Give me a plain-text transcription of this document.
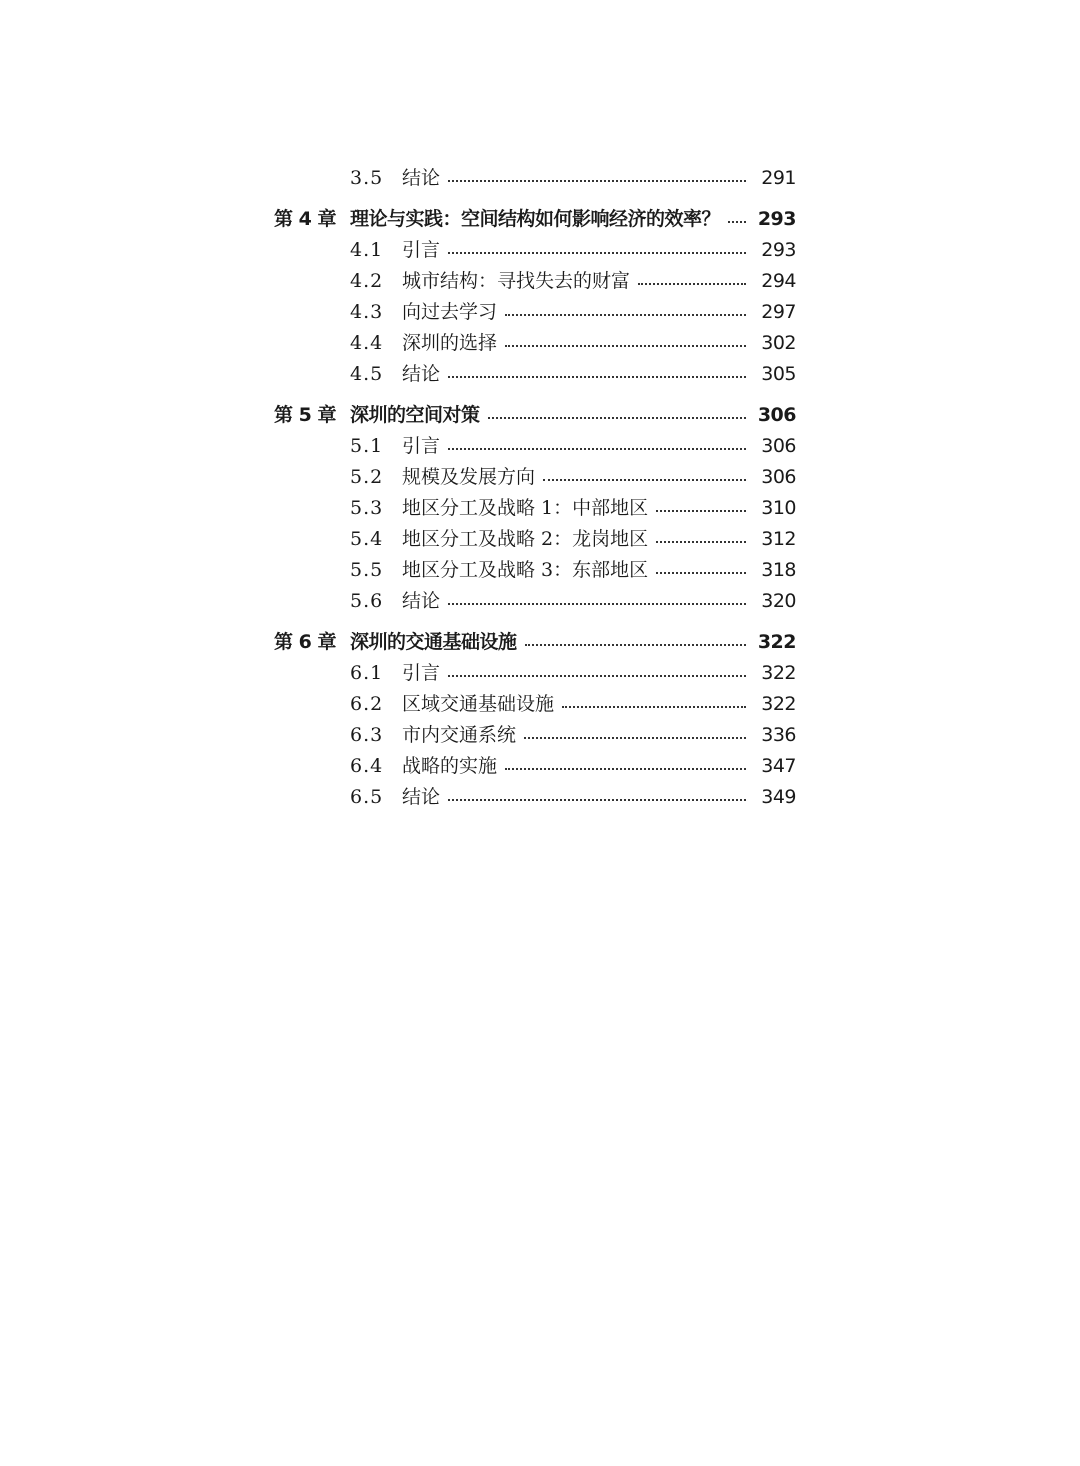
3.5 结论	291
第 4 章 理论与实践：空间结构如何影响经济的效率？	293
4.1 引言	293
4.2 城市结构：寻找失去的财富	294
4.3 向过去学习	297
4.4 深圳的选择	302
4.5 结论	305
第 5 章 深圳的空间对策	306
5.1 引言	306
5.2 规模及发展方向	306
5.3 地区分工及战略 1：中部地区	310
5.4 地区分工及战略 2：龙岗地区	312
5.5 地区分工及战略 3：东部地区	318
5.6 结论	320
第 6 章 深圳的交通基础设施	322
6.1 引言	322
6.2 区域交通基础设施	322
6.3 市内交通系统	336
6.4 战略的实施	347
6.5 结论	349
